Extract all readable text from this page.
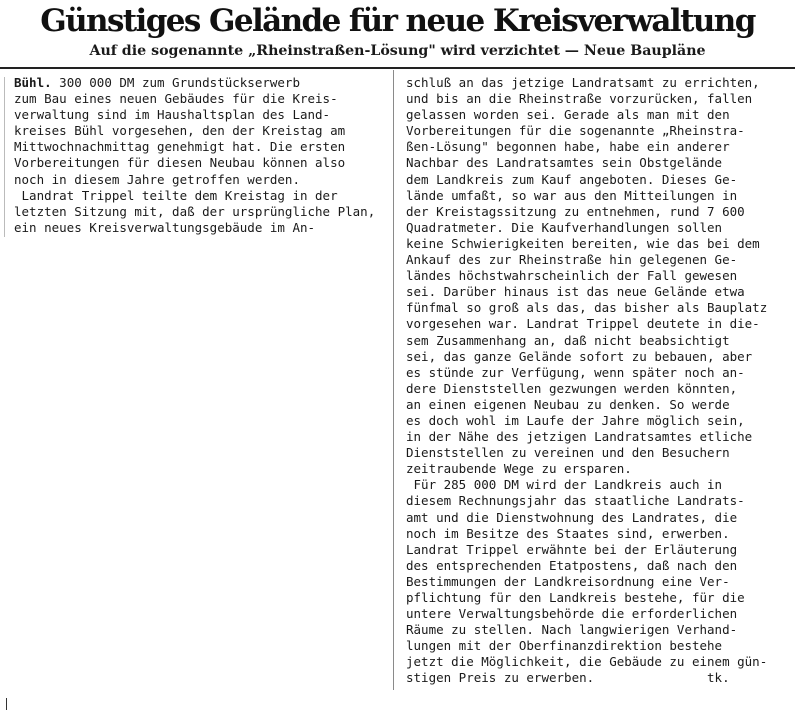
Günstiges Gelände für neue Kreisverwaltung
Auf die sogenannte „Rheinstraßen-Lösung" wird verzichtet — Neue Baupläne
Bühl. 300 000 DM zum Grundstückserwerb
zum Bau eines neuen Gebäudes für die Kreis-
verwaltung sind im Haushaltsplan des Land-
kreises Bühl vorgesehen, den der Kreistag am
Mittwochnachmittag genehmigt hat. Die ersten
Vorbereitungen für diesen Neubau können also
noch in diesem Jahre getroffen werden.
Landrat Trippel teilte dem Kreistag in der
letzten Sitzung mit, daß der ursprüngliche Plan,
ein neues Kreisverwaltungsgebäude im An-
schluß an das jetzige Landratsamt zu errichten,
und bis an die Rheinstraße vorzurücken, fallen
gelassen worden sei. Gerade als man mit den
Vorbereitungen für die sogenannte „Rheinstra-
ßen-Lösung" begonnen habe, habe ein anderer
Nachbar des Landratsamtes sein Obstgelände
dem Landkreis zum Kauf angeboten. Dieses Ge-
lände umfaßt, so war aus den Mitteilungen in
der Kreistagssitzung zu entnehmen, rund 7 600
Quadratmeter. Die Kaufverhandlungen sollen
keine Schwierigkeiten bereiten, wie das bei dem
Ankauf des zur Rheinstraße hin gelegenen Ge-
ländes höchstwahrscheinlich der Fall gewesen
sei. Darüber hinaus ist das neue Gelände etwa
fünfmal so groß als das, das bisher als Bauplatz
vorgesehen war. Landrat Trippel deutete in die-
sem Zusammenhang an, daß nicht beabsichtigt
sei, das ganze Gelände sofort zu bebauen, aber
es stünde zur Verfügung, wenn später noch an-
dere Dienststellen gezwungen werden könnten,
an einen eigenen Neubau zu denken. So werde
es doch wohl im Laufe der Jahre möglich sein,
in der Nähe des jetzigen Landratsamtes etliche
Dienststellen zu vereinen und den Besuchern
zeitraubende Wege zu ersparen.
Für 285 000 DM wird der Landkreis auch in
diesem Rechnungsjahr das staatliche Landrats-
amt und die Dienstwohnung des Landrates, die
noch im Besitze des Staates sind, erwerben.
Landrat Trippel erwähnte bei der Erläuterung
des entsprechenden Etatpostens, daß nach den
Bestimmungen der Landkreisordnung eine Ver-
pflichtung für den Landkreis bestehe, für die
untere Verwaltungsbehörde die erforderlichen
Räume zu stellen. Nach langwierigen Verhand-
lungen mit der Oberfinanzdirektion bestehe
jetzt die Möglichkeit, die Gebäude zu einem gün-
stigen Preis zu erwerben.               tk.
